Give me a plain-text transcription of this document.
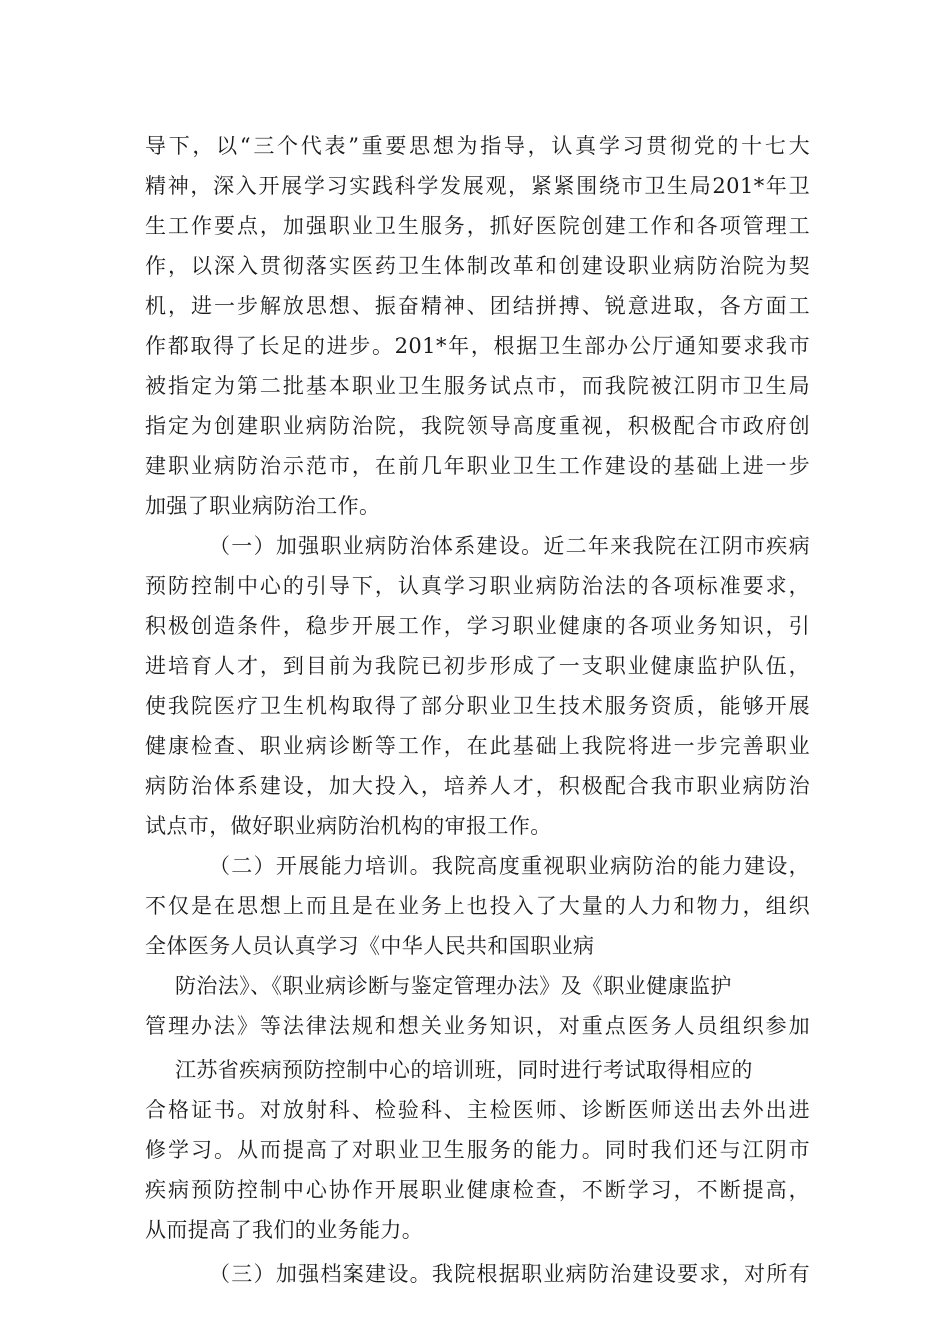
导下，以“三个代表”重要思想为指导，认真学习贯彻党的十七大
精神，深入开展学习实践科学发展观，紧紧围绕市卫生局201*年卫
生工作要点，加强职业卫生服务，抓好医院创建工作和各项管理工
作，以深入贯彻落实医药卫生体制改革和创建设职业病防治院为契
机，进一步解放思想、振奋精神、团结拼搏、锐意进取，各方面工
作都取得了长足的进步。201*年，根据卫生部办公厅通知要求我市
被指定为第二批基本职业卫生服务试点市，而我院被江阴市卫生局
指定为创建职业病防治院，我院领导高度重视，积极配合市政府创
建职业病防治示范市，在前几年职业卫生工作建设的基础上进一步
加强了职业病防治工作。
（一）加强职业病防治体系建设。近二年来我院在江阴市疾病
预防控制中心的引导下，认真学习职业病防治法的各项标准要求，
积极创造条件，稳步开展工作，学习职业健康的各项业务知识，引
进培育人才，到目前为我院已初步形成了一支职业健康监护队伍，
使我院医疗卫生机构取得了部分职业卫生技术服务资质，能够开展
健康检查、职业病诊断等工作，在此基础上我院将进一步完善职业
病防治体系建设，加大投入，培养人才，积极配合我市职业病防治
试点市，做好职业病防治机构的审报工作。
（二）开展能力培训。我院高度重视职业病防治的能力建设，
不仅是在思想上而且是在业务上也投入了大量的人力和物力，组织
全体医务人员认真学习《中华人民共和国职业病
防治法》、《职业病诊断与鉴定管理办法》及《职业健康监护
管理办法》等法律法规和想关业务知识，对重点医务人员组织参加
江苏省疾病预防控制中心的培训班，同时进行考试取得相应的
合格证书。对放射科、检验科、主检医师、诊断医师送出去外出进
修学习。从而提高了对职业卫生服务的能力。同时我们还与江阴市
疾病预防控制中心协作开展职业健康检查，不断学习，不断提高，
从而提高了我们的业务能力。
（三）加强档案建设。我院根据职业病防治建设要求，对所有
